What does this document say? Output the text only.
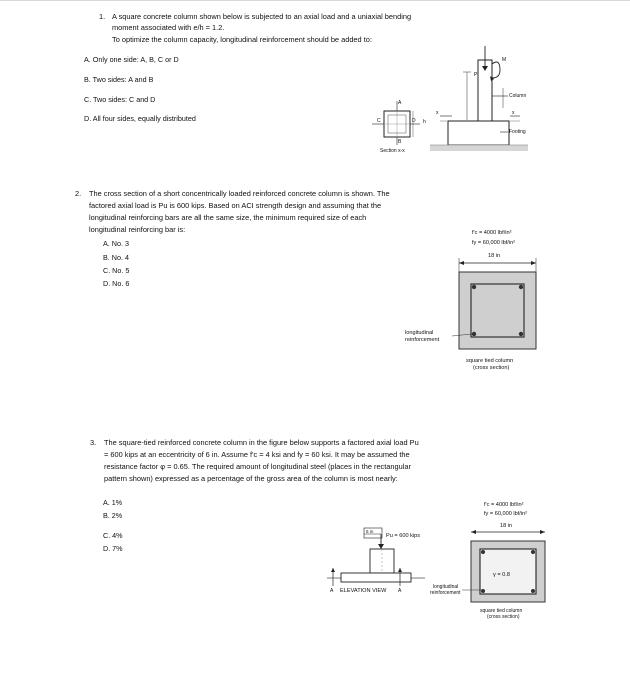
1. A square concrete column shown below is subjected to an axial load and a uniaxial bending
moment associated with e/h = 1.2.
To optimize the column capacity, longitudinal reinforcement should be added to:
A. Only one side: A, B, C or D
B. Two sides: A and B
C. Two sides: C and D
D. All four sides, equally distributed
P
M
Column
Footing
x	x
A
B
C	D h
Section x-x
2. The cross section of a short concentrically loaded reinforced concrete column is shown. The
factored axial load is Pu is 600 kips. Based on ACI strength design and assuming that the
longitudinal reinforcing bars are all the same size, the minimum required size of each
longitudinal reinforcing bar is:
A. No. 3
B. No. 4
C. No. 5
D. No. 6
f'c = 4000 lbf/in²
fy = 60,000 lbf/in²
18 in
longitudinal
reinforcement
square tied column
(cross section)
3. The square-tied reinforced concrete column in the figure below supports a factored axial load Pu
= 600 kips at an eccentricity of 6 in. Assume f'c = 4 ksi and fy = 60 ksi. It may be assumed the
resistance factor φ = 0.65. The required amount of longitudinal steel (places in the rectangular
pattern shown) expressed as a percentage of the gross area of the column is most nearly:
A. 1%
B. 2%
C. 4%
D. 7%
6 in
Pu = 600 kips
A	A
ELEVATION VIEW
f'c = 4000 lbf/in²
fy = 60,000 lbf/in²
18 in
γ = 0.8
longitudinal
reinforcement
square tied column
(cross section)
